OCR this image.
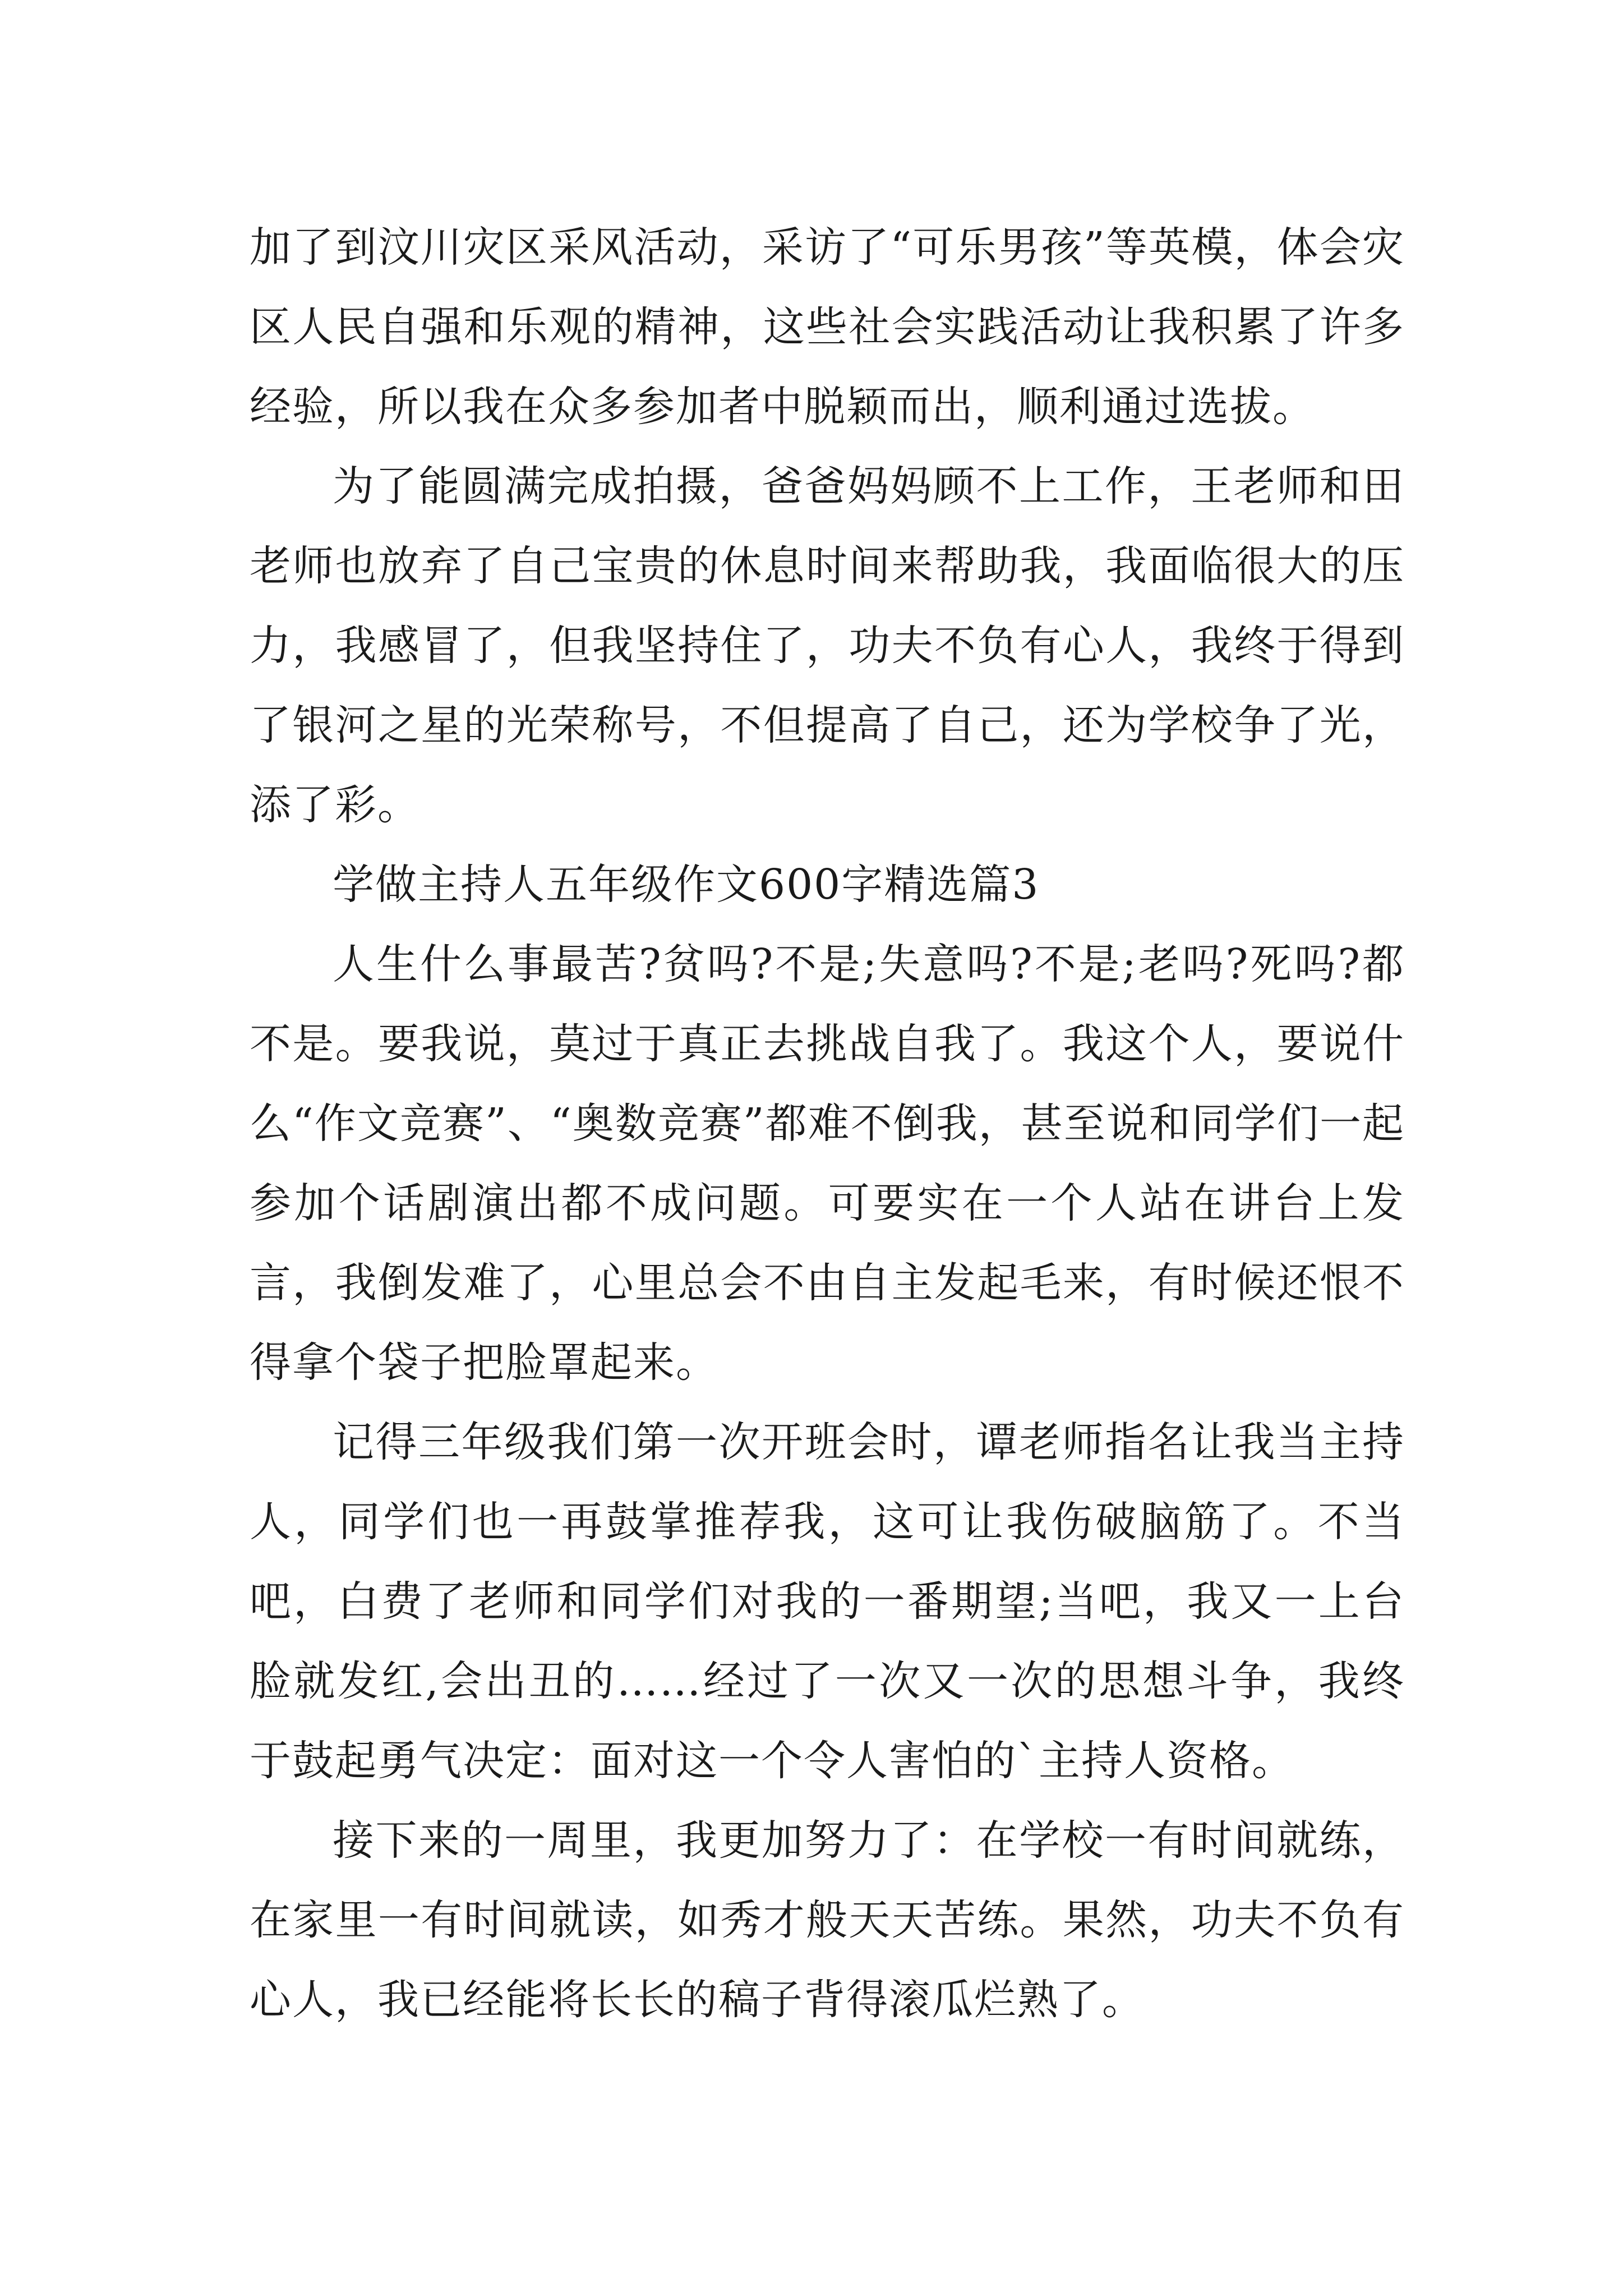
加了到汶川灾区采风活动，采访了“可乐男孩”等英模，体会灾区人民自强和乐观的精神，这些社会实践活动让我积累了许多经验，所以我在众多参加者中脱颖而出，顺利通过选拔。

为了能圆满完成拍摄，爸爸妈妈顾不上工作，王老师和田老师也放弃了自己宝贵的休息时间来帮助我，我面临很大的压力，我感冒了，但我坚持住了，功夫不负有心人，我终于得到了银河之星的光荣称号，不但提高了自己，还为学校争了光，添了彩。

学做主持人五年级作文600字精选篇3

人生什么事最苦?贫吗?不是;失意吗?不是;老吗?死吗?都不是。要我说，莫过于真正去挑战自我了。我这个人，要说什么“作文竞赛”、“奥数竞赛”都难不倒我，甚至说和同学们一起参加个话剧演出都不成问题。可要实在一个人站在讲台上发言，我倒发难了，心里总会不由自主发起毛来，有时候还恨不得拿个袋子把脸罩起来。

记得三年级我们第一次开班会时，谭老师指名让我当主持人，同学们也一再鼓掌推荐我，这可让我伤破脑筋了。不当吧，白费了老师和同学们对我的一番期望;当吧，我又一上台脸就发红,会出丑的……经过了一次又一次的思想斗争，我终于鼓起勇气决定：面对这一个令人害怕的`主持人资格。

接下来的一周里，我更加努力了：在学校一有时间就练，在家里一有时间就读，如秀才般天天苦练。果然，功夫不负有心人，我已经能将长长的稿子背得滚瓜烂熟了。
